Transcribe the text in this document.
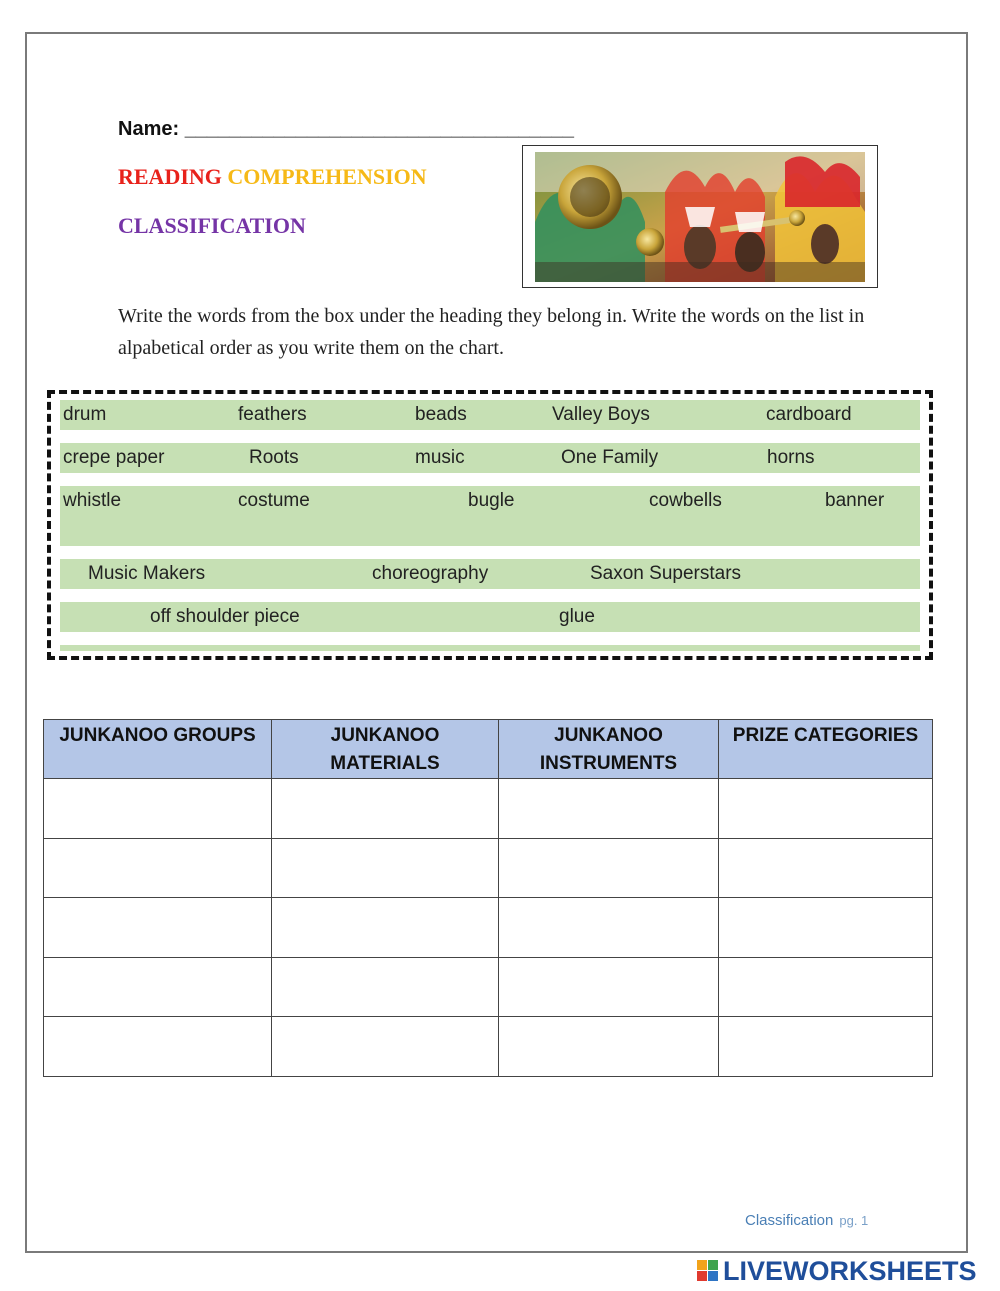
Name: ___________________________________
READING COMPREHENSION
CLASSIFICATION
Write the words from the box under the heading they belong in. Write the words on the list in alpabetical order as you write them on the chart.
drum	feathers	beads	Valley Boys	cardboard
crepe paper	Roots	music	One Family	horns
whistle	costume	bugle	cowbells	banner
Music Makers	choreography	Saxon Superstars
off shoulder piece	glue
JUNKANOO GROUPS	JUNKANOO MATERIALS	JUNKANOO INSTRUMENTS	PRIZE CATEGORIES

Classification pg. 1
LIVEWORKSHEETS
